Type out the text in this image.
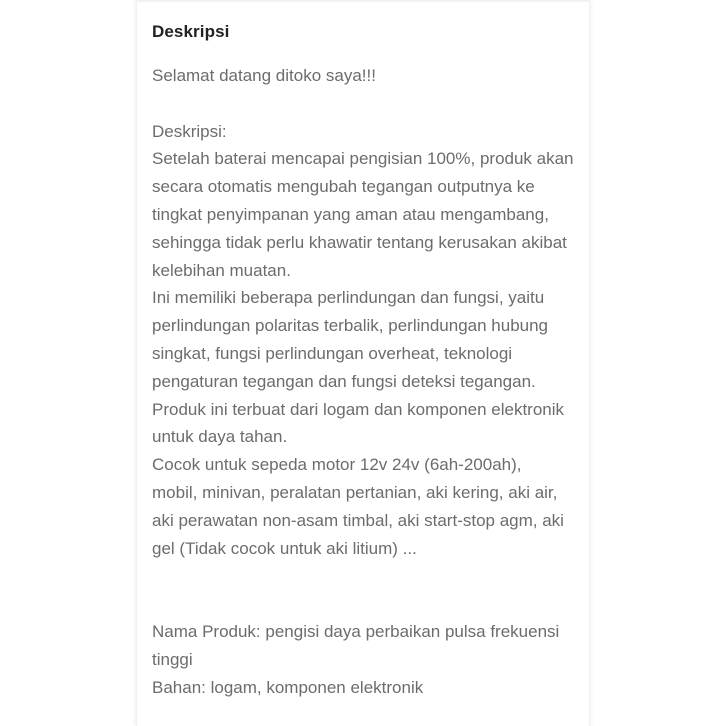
Deskripsi
Selamat datang ditoko saya!!!
Deskripsi:
Setelah baterai mencapai pengisian 100%, produk akan
secara otomatis mengubah tegangan outputnya ke
tingkat penyimpanan yang aman atau mengambang,
sehingga tidak perlu khawatir tentang kerusakan akibat
kelebihan muatan.
Ini memiliki beberapa perlindungan dan fungsi, yaitu
perlindungan polaritas terbalik, perlindungan hubung
singkat, fungsi perlindungan overheat, teknologi
pengaturan tegangan dan fungsi deteksi tegangan.
Produk ini terbuat dari logam dan komponen elektronik
untuk daya tahan.
Cocok untuk sepeda motor 12v 24v (6ah-200ah),
mobil, minivan, peralatan pertanian, aki kering, aki air,
aki perawatan non-asam timbal, aki start-stop agm, aki
gel (Tidak cocok untuk aki litium) ...
Nama Produk: pengisi daya perbaikan pulsa frekuensi
tinggi
Bahan: logam, komponen elektronik
